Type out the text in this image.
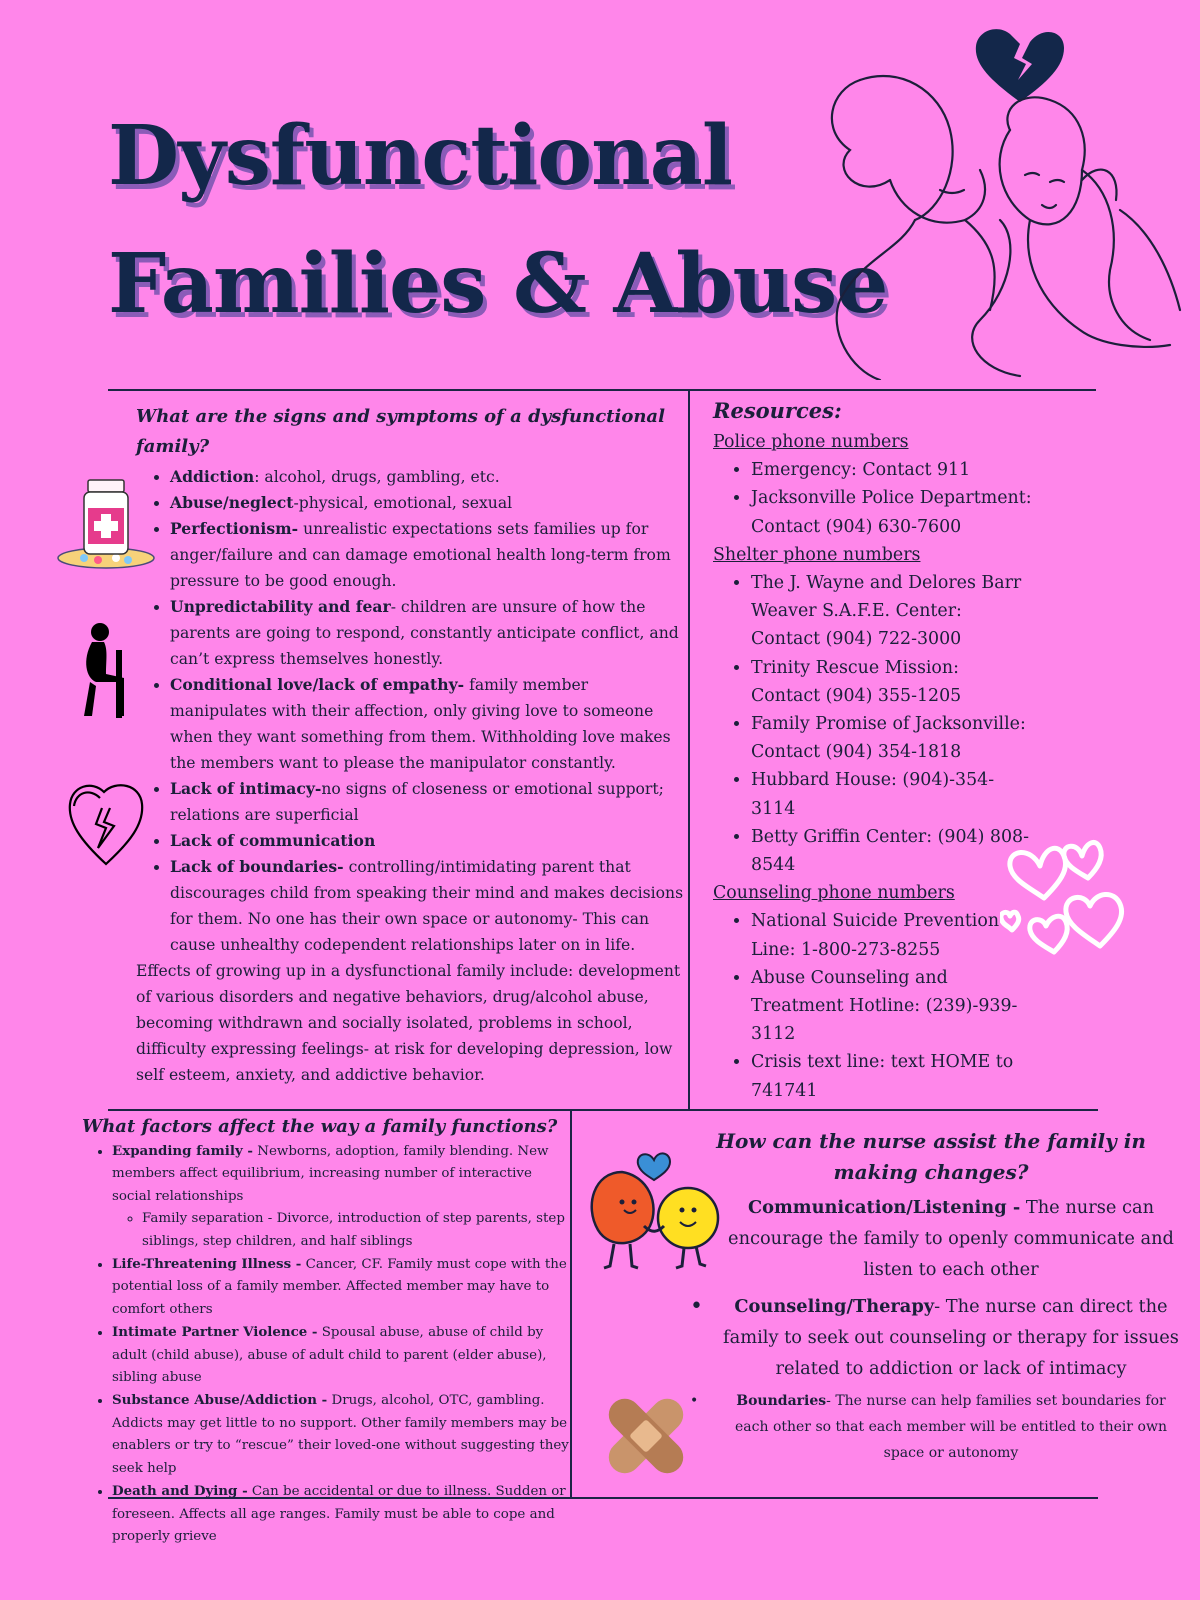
Dysfunctional
Families & Abuse

What are the signs and symptoms of a dysfunctional family?

• Addiction: alcohol, drugs, gambling, etc.
• Abuse/neglect-physical, emotional, sexual
• Perfectionism- unrealistic expectations sets families up for anger/failure and can damage emotional health long-term from pressure to be good enough.
• Unpredictability and fear- children are unsure of how the parents are going to respond, constantly anticipate conflict, and can’t express themselves honestly.
• Conditional love/lack of empathy- family member manipulates with their affection, only giving love to someone when they want something from them. Withholding love makes the members want to please the manipulator constantly.
• Lack of intimacy-no signs of closeness or emotional support; relations are superficial
• Lack of communication
• Lack of boundaries- controlling/intimidating parent that discourages child from speaking their mind and makes decisions for them. No one has their own space or autonomy- This can cause unhealthy codependent relationships later on in life.

Effects of growing up in a dysfunctional family include: development of various disorders and negative behaviors, drug/alcohol abuse, becoming withdrawn and socially isolated, problems in school, difficulty expressing feelings- at risk for developing depression, low self esteem, anxiety, and addictive behavior.

Resources:
Police phone numbers
• Emergency: Contact 911
• Jacksonville Police Department: Contact (904) 630-7600
Shelter phone numbers
• The J. Wayne and Delores Barr Weaver S.A.F.E. Center: Contact (904) 722-3000
• Trinity Rescue Mission: Contact (904) 355-1205
• Family Promise of Jacksonville: Contact (904) 354-1818
• Hubbard House: (904)-354-3114
• Betty Griffin Center: (904) 808-8544
Counseling phone numbers
• National Suicide Prevention Line: 1-800-273-8255
• Abuse Counseling and Treatment Hotline: (239)-939-3112
• Crisis text line: text HOME to 741741

What factors affect the way a family functions?

• Expanding family - Newborns, adoption, family blending. New members affect equilibrium, increasing number of interactive social relationships
◦ Family separation - Divorce, introduction of step parents, step siblings, step children, and half siblings
• Life-Threatening Illness - Cancer, CF. Family must cope with the potential loss of a family member. Affected member may have to comfort others
• Intimate Partner Violence - Spousal abuse, abuse of child by adult (child abuse), abuse of adult child to parent (elder abuse), sibling abuse
• Substance Abuse/Addiction - Drugs, alcohol, OTC, gambling. Addicts may get little to no support. Other family members may be enablers or try to “rescue” their loved-one without suggesting they seek help
• Death and Dying - Can be accidental or due to illness. Sudden or foreseen. Affects all age ranges. Family must be able to cope and properly grieve

How can the nurse assist the family in making changes?

Communication/Listening - The nurse can encourage the family to openly communicate and listen to each other

• Counseling/Therapy- The nurse can direct the family to seek out counseling or therapy for issues related to addiction or lack of intimacy
• Boundaries- The nurse can help families set boundaries for each other so that each member will be entitled to their own space or autonomy
